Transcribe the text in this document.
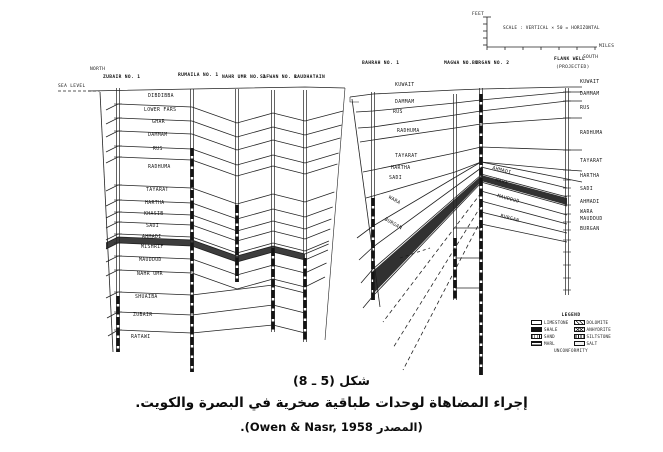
DIBDIBBA
LOWER FARS
GHAR
DAMMAM
RUS
RADHUMA
TAYARAT
HARTHA
KHASIB
SADI
AHMADI
MISHRIF
MAUDDUD
NAHR UMR
SHUAIBA
ZUBAIR
RATAWI
KUWAIT
DAMMAM
RUS
RADHUMA
TAYARAT
HARTHA
SADI
WARA
BURGAN
AHMADI
WARA
MAUDDUD
BURGAN
KUWAIT
DAMMAM
RUS
RADHUMA
TAYARAT
HARTHA
SADI
AHMADI
WARA
MAUDDUD
BURGAN
ZUBAIR NO. 1	RUMAILA NO. 1 NAHR UMR NO. 1
SAFWAN NO. 1
RAUDHATAIN
BAHRAH NO. 1	MAGWA NO. 1
BURGAN NO. 2
FLANK WELL
NORTH
SEA LEVEL
SCALE : VERTICAL × 50 = HORIZONTAL
FEET
MILES
SOUTH
(PROJECTED)
LEGEND
LIMESTONE
SHALE
SAND
MARL
DOLOMITE
ANHYDRITE
SILTSTONE
SALT
UNCONFORMITY
شكل (5 ـ 8)
إجراء المضاهاة لوحدات طباقية صخرية في البصرة والكويت.
(المصدر Owen & Nasr, 1958).
